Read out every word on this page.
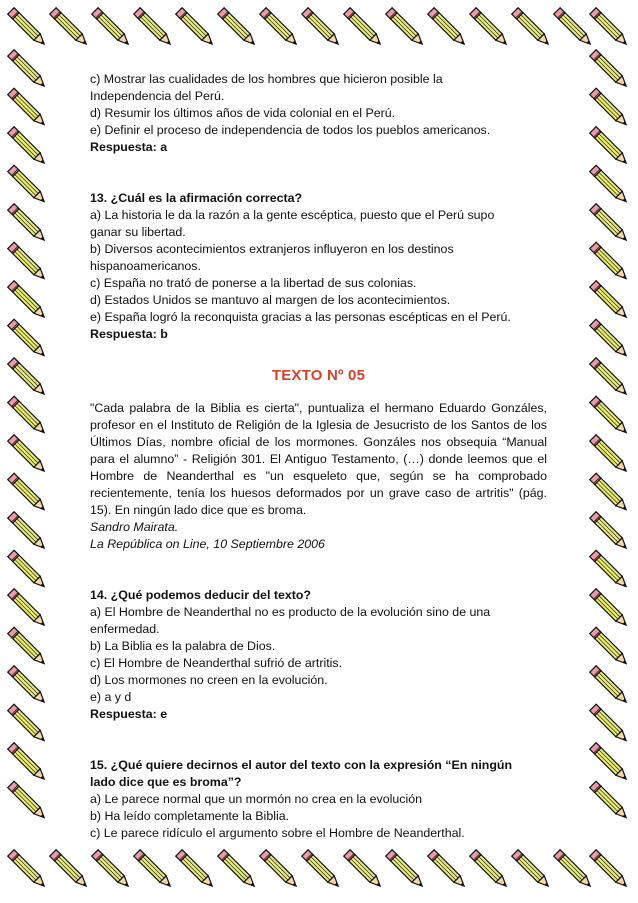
c) Mostrar las cualidades de los hombres que hicieron posible la
Independencia del Perú.
d) Resumir los últimos años de vida colonial en el Perú.
e) Definir el proceso de independencia de todos los pueblos americanos.
Respuesta: a
13. ¿Cuál es la afirmación correcta?
a) La historia le da la razón a la gente escéptica, puesto que el Perú supo
ganar su libertad.
b) Diversos acontecimientos extranjeros influyeron en los destinos
hispanoamericanos.
c) España no trató de ponerse a la libertad de sus colonias.
d) Estados Unidos se mantuvo al margen de los acontecimientos.
e) España logró la reconquista gracias a las personas escépticas en el Perú.
Respuesta: b
TEXTO Nº 05
"Cada palabra de la Biblia es cierta", puntualiza el hermano Eduardo Gonzáles, profesor en el Instituto de Religión de la Iglesia de Jesucristo de los Santos de los Últimos Días, nombre oficial de los mormones. Gonzáles nos obsequia “Manual para el alumno” - Religión 301. El Antiguo Testamento, (…) donde leemos que el Hombre de Neanderthal es "un esqueleto que, según se ha comprobado recientemente, tenía los huesos deformados por un grave caso de artritis" (pág. 15). En ningún lado dice que es broma.
Sandro Mairata.
La República on Line, 10 Septiembre 2006
14. ¿Qué podemos deducir del texto?
a) El Hombre de Neanderthal no es producto de la evolución sino de una
enfermedad.
b) La Biblia es la palabra de Dios.
c) El Hombre de Neanderthal sufrió de artritis.
d) Los mormones no creen en la evolución.
e) a y d
Respuesta: e
15. ¿Qué quiere decirnos el autor del texto con la expresión “En ningún
lado dice que es broma”?
a) Le parece normal que un mormón no crea en la evolución
b) Ha leído completamente la Biblia.
c) Le parece ridículo el argumento sobre el Hombre de Neanderthal.
